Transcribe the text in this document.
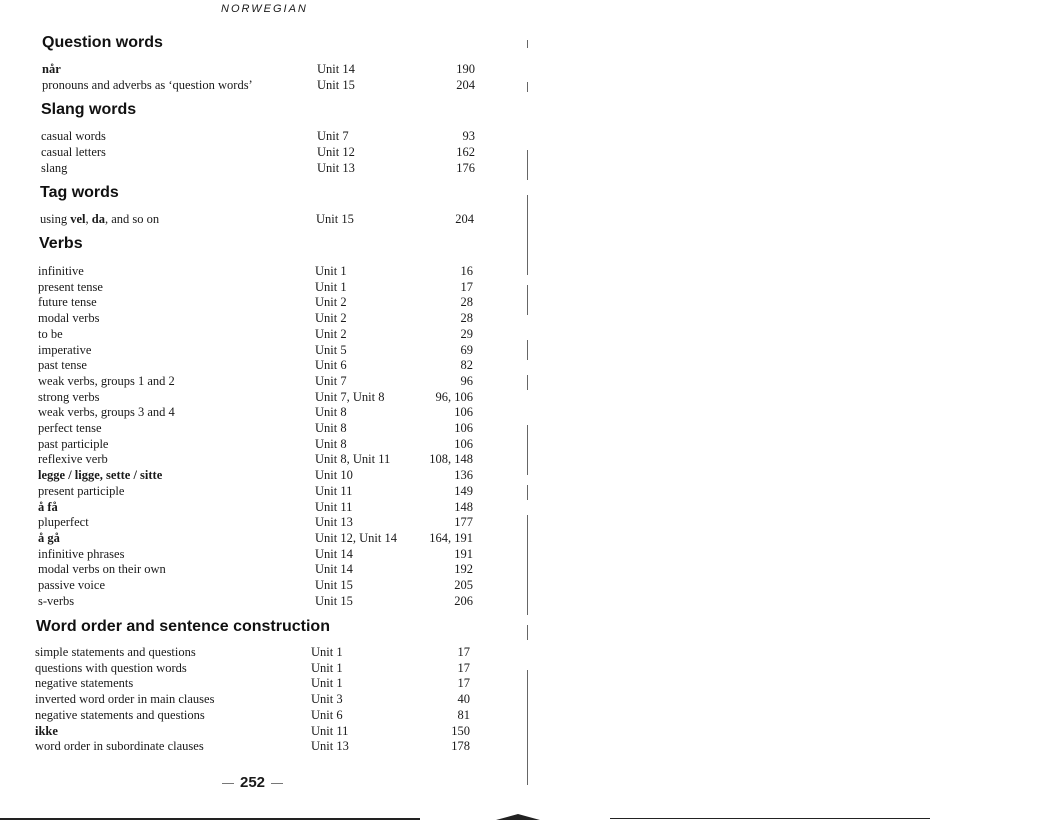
NORWEGIAN
Question words
når	Unit 14	190
pronouns and adverbs as ‘question words’	Unit 15	204
Slang words
casual words	Unit 7	93
casual letters	Unit 12	162
slang	Unit 13	176
Tag words
using vel, da, and so on	Unit 15	204
Verbs
infinitive	Unit 1	16
present tense	Unit 1	17
future tense	Unit 2	28
modal verbs	Unit 2	28
to be	Unit 2	29
imperative	Unit 5	69
past tense	Unit 6	82
weak verbs, groups 1 and 2	Unit 7	96
strong verbs	Unit 7, Unit 8	96, 106
weak verbs, groups 3 and 4	Unit 8	106
perfect tense	Unit 8	106
past participle	Unit 8	106
reflexive verb	Unit 8, Unit 11	108, 148
legge / ligge, sette / sitte	Unit 10	136
present participle	Unit 11	149
å få	Unit 11	148
pluperfect	Unit 13	177
å gå	Unit 12, Unit 14	164, 191
infinitive phrases	Unit 14	191
modal verbs on their own	Unit 14	192
passive voice	Unit 15	205
s-verbs	Unit 15	206
Word order and sentence construction
simple statements and questions	Unit 1	17
questions with question words	Unit 1	17
negative statements	Unit 1	17
inverted word order in main clauses	Unit 3	40
negative statements and questions	Unit 6	81
ikke	Unit 11	150
word order in subordinate clauses	Unit 13	178
252
